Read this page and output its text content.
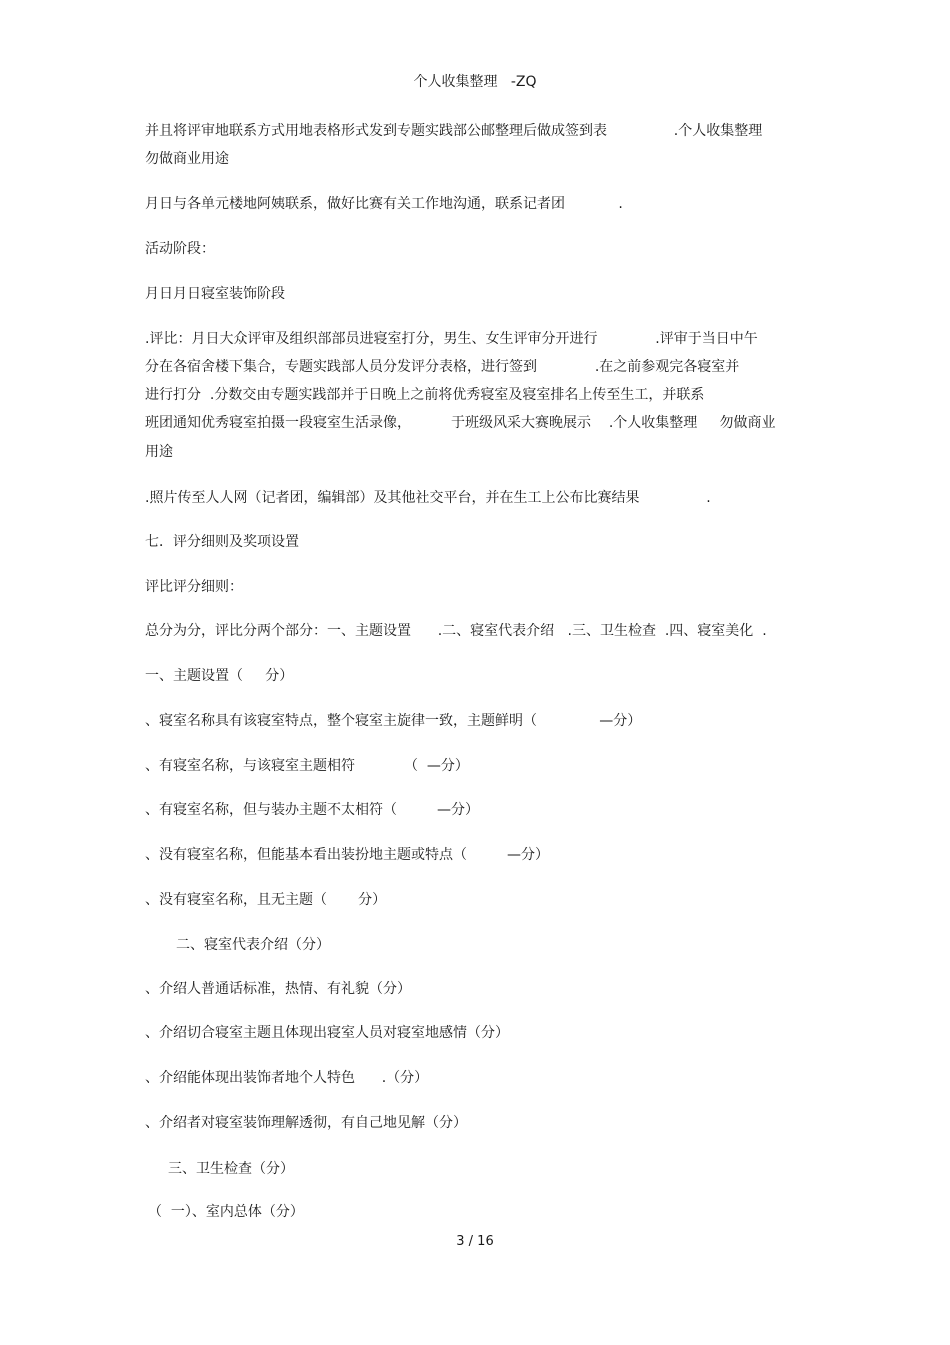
个人收集整理   -ZQ
并且将评审地联系方式用地表格形式发到专题实践部公邮整理后做成签到表               .个人收集整理
勿做商业用途
月日与各单元楼地阿姨联系，做好比赛有关工作地沟通，联系记者团            .
活动阶段：
月日月日寝室装饰阶段
.评比：月日大众评审及组织部部员进寝室打分，男生、女生评审分开进行             .评审于当日中午
分在各宿舍楼下集合，专题实践部人员分发评分表格，进行签到             .在之前参观完各寝室并
进行打分  .分数交由专题实践部并于日晚上之前将优秀寝室及寝室排名上传至生工，并联系
班团通知优秀寝室拍摄一段寝室生活录像，         于班级风采大赛晚展示    .个人收集整理     勿做商业
用途
.照片传至人人网（记者团，编辑部）及其他社交平台，并在生工上公布比赛结果               .
七．评分细则及奖项设置
评比评分细则：
总分为分，评比分两个部分：一、主题设置      .二、寝室代表介绍   .三、卫生检查  .四、寝室美化  .
一、主题设置（     分）
、寝室名称具有该寝室特点，整个寝室主旋律一致，主题鲜明（              —分）
、有寝室名称，与该寝室主题相符           （  —分）
、有寝室名称，但与装办主题不太相符（         —分）
、没有寝室名称，但能基本看出装扮地主题或特点（         —分）
、没有寝室名称，且无主题（       分）
二、寝室代表介绍（分）
、介绍人普通话标准，热情、有礼貌（分）
、介绍切合寝室主题且体现出寝室人员对寝室地感情（分）
、介绍能体现出装饰者地个人特色      .（分）
、介绍者对寝室装饰理解透彻，有自己地见解（分）
三、卫生检查（分）
（  一）、室内总体（分）
3 / 16
